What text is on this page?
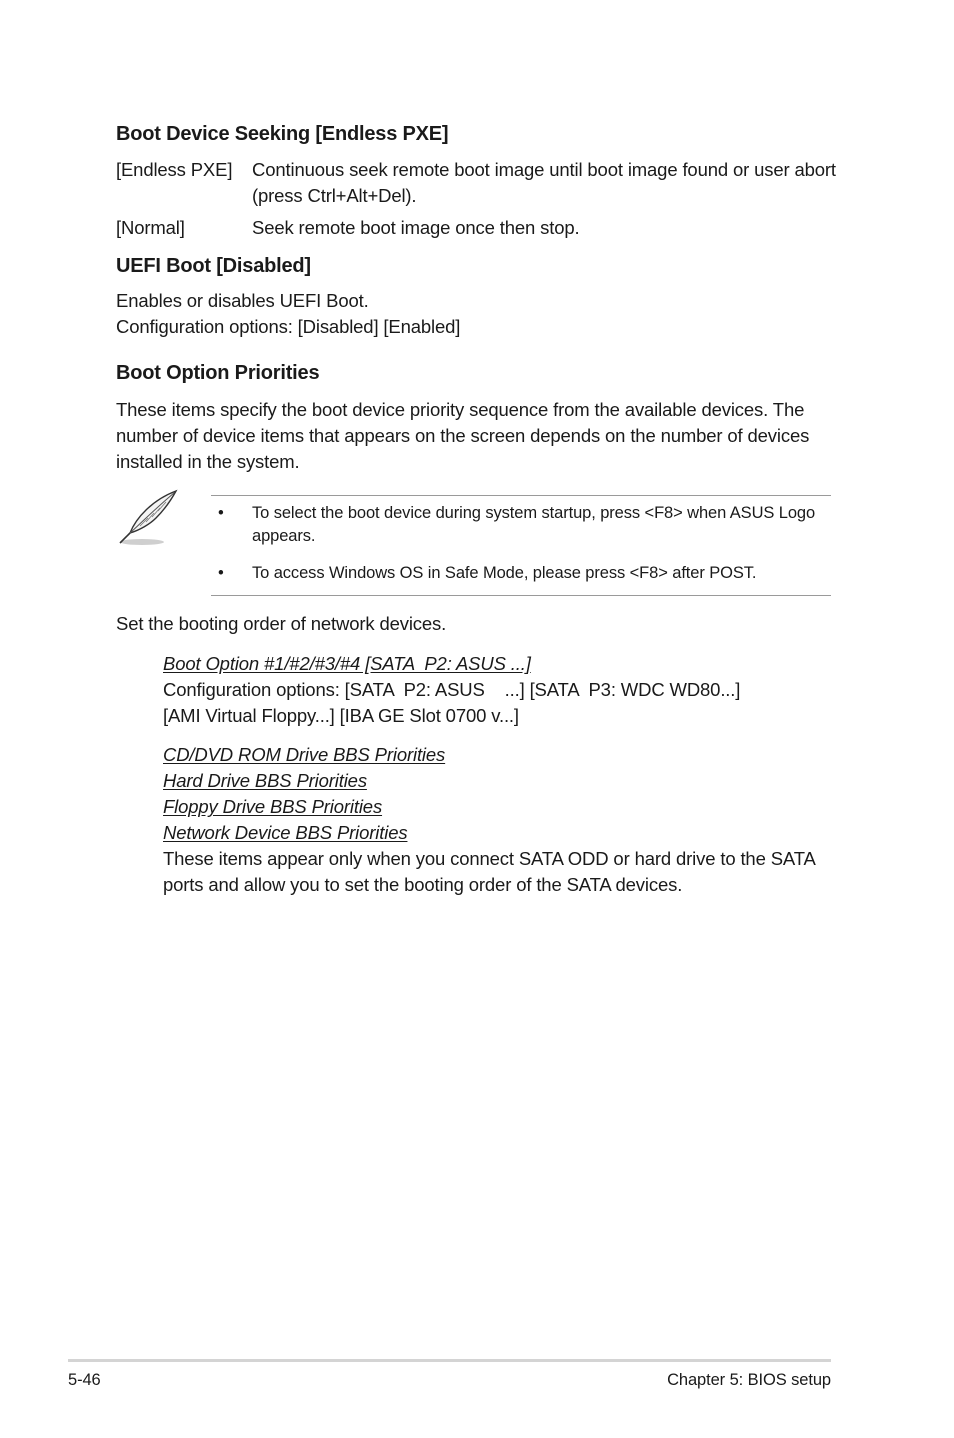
Boot Device Seeking [Endless PXE]
[Endless PXE] Continuous seek remote boot image until boot image found or user abort (press Ctrl+Alt+Del).
[Normal]	Seek remote boot image once then stop.
UEFI Boot [Disabled]
Enables or disables UEFI Boot.
Configuration options: [Disabled] [Enabled]
Boot Option Priorities
These items specify the boot device priority sequence from the available devices. The number of device items that appears on the screen depends on the number of devices installed in the system.
• To select the boot device during system startup, press <F8> when ASUS Logo appears.
• To access Windows OS in Safe Mode, please press <F8> after POST.
Set the booting order of network devices.
Boot Option #1/#2/#3/#4 [SATA  P2: ASUS ...]
Configuration options: [SATA  P2: ASUS    ...] [SATA  P3: WDC WD80...]
[AMI Virtual Floppy...] [IBA GE Slot 0700 v...]
CD/DVD ROM Drive BBS Priorities
Hard Drive BBS Priorities
Floppy Drive BBS Priorities
Network Device BBS Priorities
These items appear only when you connect SATA ODD or hard drive to the SATA ports and allow you to set the booting order of the SATA devices.
5-46	Chapter 5: BIOS setup
